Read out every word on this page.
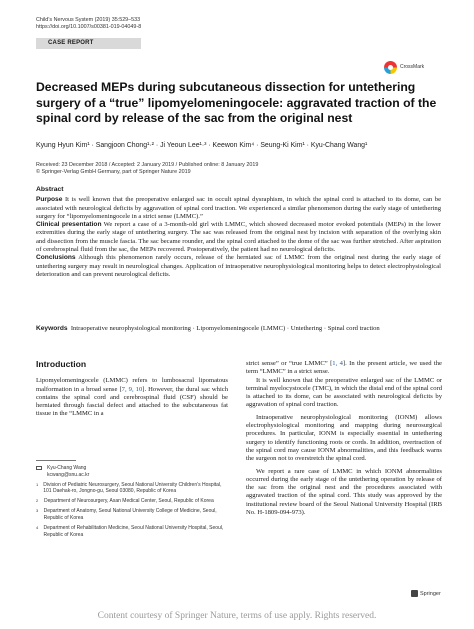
Child’s Nervous System (2019) 35:529–533
https://doi.org/10.1007/s00381-019-04049-8
CASE REPORT
CrossMark
Decreased MEPs during subcutaneous dissection for untethering surgery of a “true” lipomyelomeningocele: aggravated traction of the spinal cord by release of the sac from the original nest
Kyung Hyun Kim¹ · Sangjoon Chong¹·² · Ji Yeoun Lee¹·³ · Keewon Kim⁴ · Seung-Ki Kim¹ · Kyu-Chang Wang¹
Received: 23 December 2018 / Accepted: 2 January 2019 / Published online: 8 January 2019
© Springer-Verlag GmbH Germany, part of Springer Nature 2019
Abstract

Purpose It is well known that the preoperative enlarged sac in occult spinal dysraphism, in which the spinal cord is attached to its dome, can be associated with neurological deficits by aggravation of spinal cord traction. We experienced a similar phenomenon during the early stage of untethering surgery for “lipomyelomeningocele in a strict sense (LMMC).”

Clinical presentation We report a case of a 3-month-old girl with LMMC, which showed decreased motor evoked potentials (MEPs) in the lower extremities during the early stage of untethering surgery. The sac was released from the original nest by incision with separation of the overlying skin and dissection from the muscle fascia. The sac became rounder, and the spinal cord attached to the dome of the sac was further stretched. After aspiration of cerebrospinal fluid from the sac, the MEPs recovered. Postoperatively, the patient had no neurological deficits.

Conclusions Although this phenomenon rarely occurs, release of the herniated sac of LMMC from the original nest during the early stage of untethering surgery may result in neurological changes. Application of intraoperative neurophysiological monitoring helps to detect electrophysiological deterioration and can prevent neurological deficits.

Keywords Intraoperative neurophysiological monitoring · Lipomyelomeningocele (LMMC) · Untethering · Spinal cord traction
Introduction

Lipomyelomeningocele (LMMC) refers to lumbosacral lipomatous malformation in a broad sense [7, 9, 10]. However, the dural sac which contains the spinal cord and cerebrospinal fluid (CSF) should be herniated through fascial defect and attached to the subcutaneous fat tissue in the “LMMC in a

Kyu-Chang Wang
kcwang@snu.ac.kr
1 Division of Pediatric Neurosurgery, Seoul National University Children’s Hospital, 101 Daehak-ro, Jongno-gu, Seoul 03080, Republic of Korea
2 Department of Neurosurgery, Asan Medical Center, Seoul, Republic of Korea
3 Department of Anatomy, Seoul National University College of Medicine, Seoul, Republic of Korea
4 Department of Rehabilitation Medicine, Seoul National University Hospital, Seoul, Republic of Korea

strict sense” or “true LMMC” [1, 4]. In the present article, we used the term “LMMC” in a strict sense.

It is well known that the preoperative enlarged sac of the LMMC or terminal myelocystocele (TMC), in which the distal end of the spinal cord is attached to its dome, can be associated with neurological deficits by aggravation of spinal cord traction.

Intraoperative neurophysiological monitoring (IONM) allows electrophysiological monitoring and mapping during neurosurgical procedures. In particular, IONM is especially essential in untethering surgery to identify functioning roots or cords. In addition, overtraction of the spinal cord may cause IONM abnormalities, and this feedback warns the surgeon not to overstretch the spinal cord.

We report a rare case of LMMC in which IONM abnormalities occurred during the early stage of the untethering operation by release of the sac from the original nest and the procedures associated with aggravated traction of the spinal cord. This study was approved by the institutional review board of the Seoul National University Hospital (IRB No. H-1809-094-973).

Springer
Content courtesy of Springer Nature, terms of use apply. Rights reserved.
